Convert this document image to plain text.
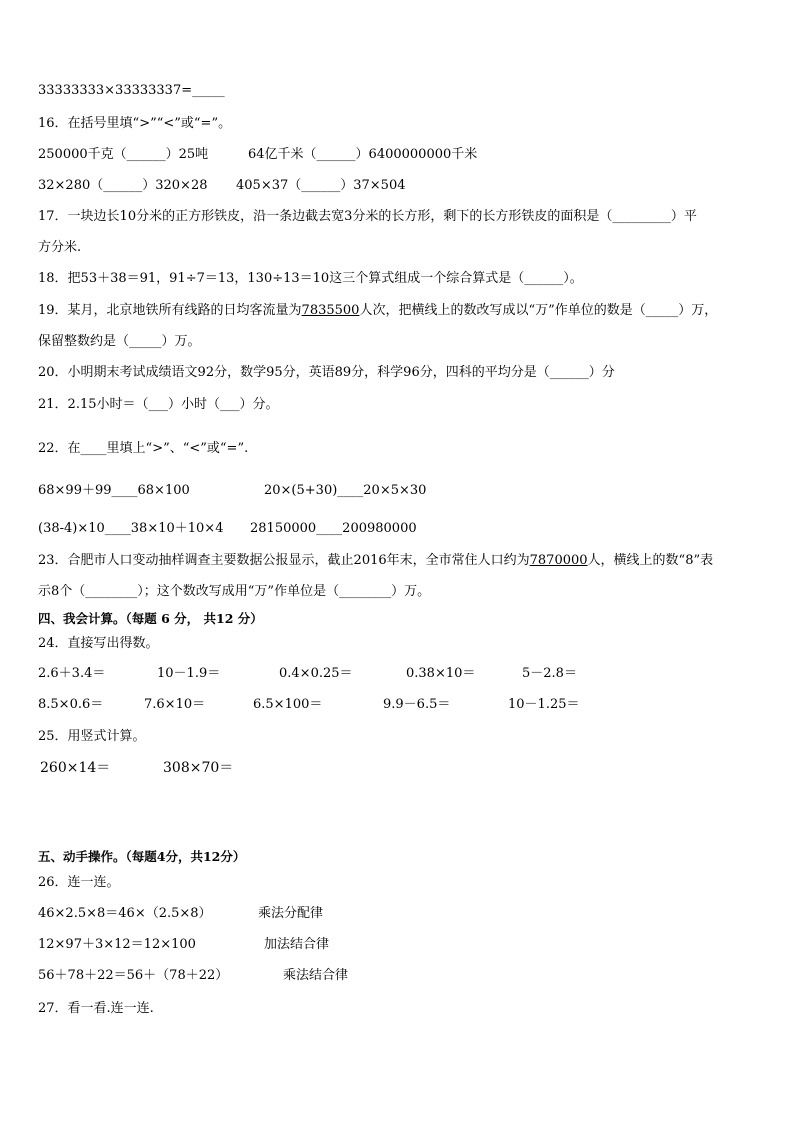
33333333×33333337=_____
16．在括号里填“>”“<”或“=”。
250000千克（______）25吨	64亿千米（______）6400000000千米
32×280（______）320×28 405×37（______）37×504
17．一块边长10分米的正方形铁皮，沿一条边截去宽3分米的长方形，剩下的长方形铁皮的面积是（_________）平
方分米.
18．把53＋38＝91，91÷7＝13，130÷13＝10这三个算式组成一个综合算式是（______）。
19．某月，北京地铁所有线路的日均客流量为7835500人次，把横线上的数改写成以“万”作单位的数是（_____）万，
保留整数约是（_____）万。
20．小明期末考试成绩语文92分，数学95分，英语89分，科学96分，四科的平均分是（______）分
21．2.15小时＝（___）小时（___）分。
22．在____里填上“>”、“<”或“=”.
68×99＋99____68×100	20×(5+30)____20×5×30
(38-4)×10____38×10＋10×4 28150000____200980000
23．合肥市人口变动抽样调查主要数据公报显示，截止2016年末，全市常住人口约为7870000人，横线上的数“8”表
示8个（________）；这个数改写成用“万”作单位是（________）万。
四、我会计算。（每题 6 分， 共12 分）
24．直接写出得数。
2.6＋3.4＝	10－1.9＝	0.4×0.25＝	0.38×10＝	5－2.8＝
8.5×0.6＝	7.6×10＝	6.5×100＝	9.9－6.5＝	10－1.25＝
25．用竖式计算。
260×14＝	308×70＝
五、动手操作。（每题4分，共12分）
26．连一连。
46×2.5×8＝46×（2.5×8）	乘法分配律
12×97＋3×12＝12×100	加法结合律
56＋78＋22＝56＋（78＋22）	乘法结合律
27．看一看.连一连.
